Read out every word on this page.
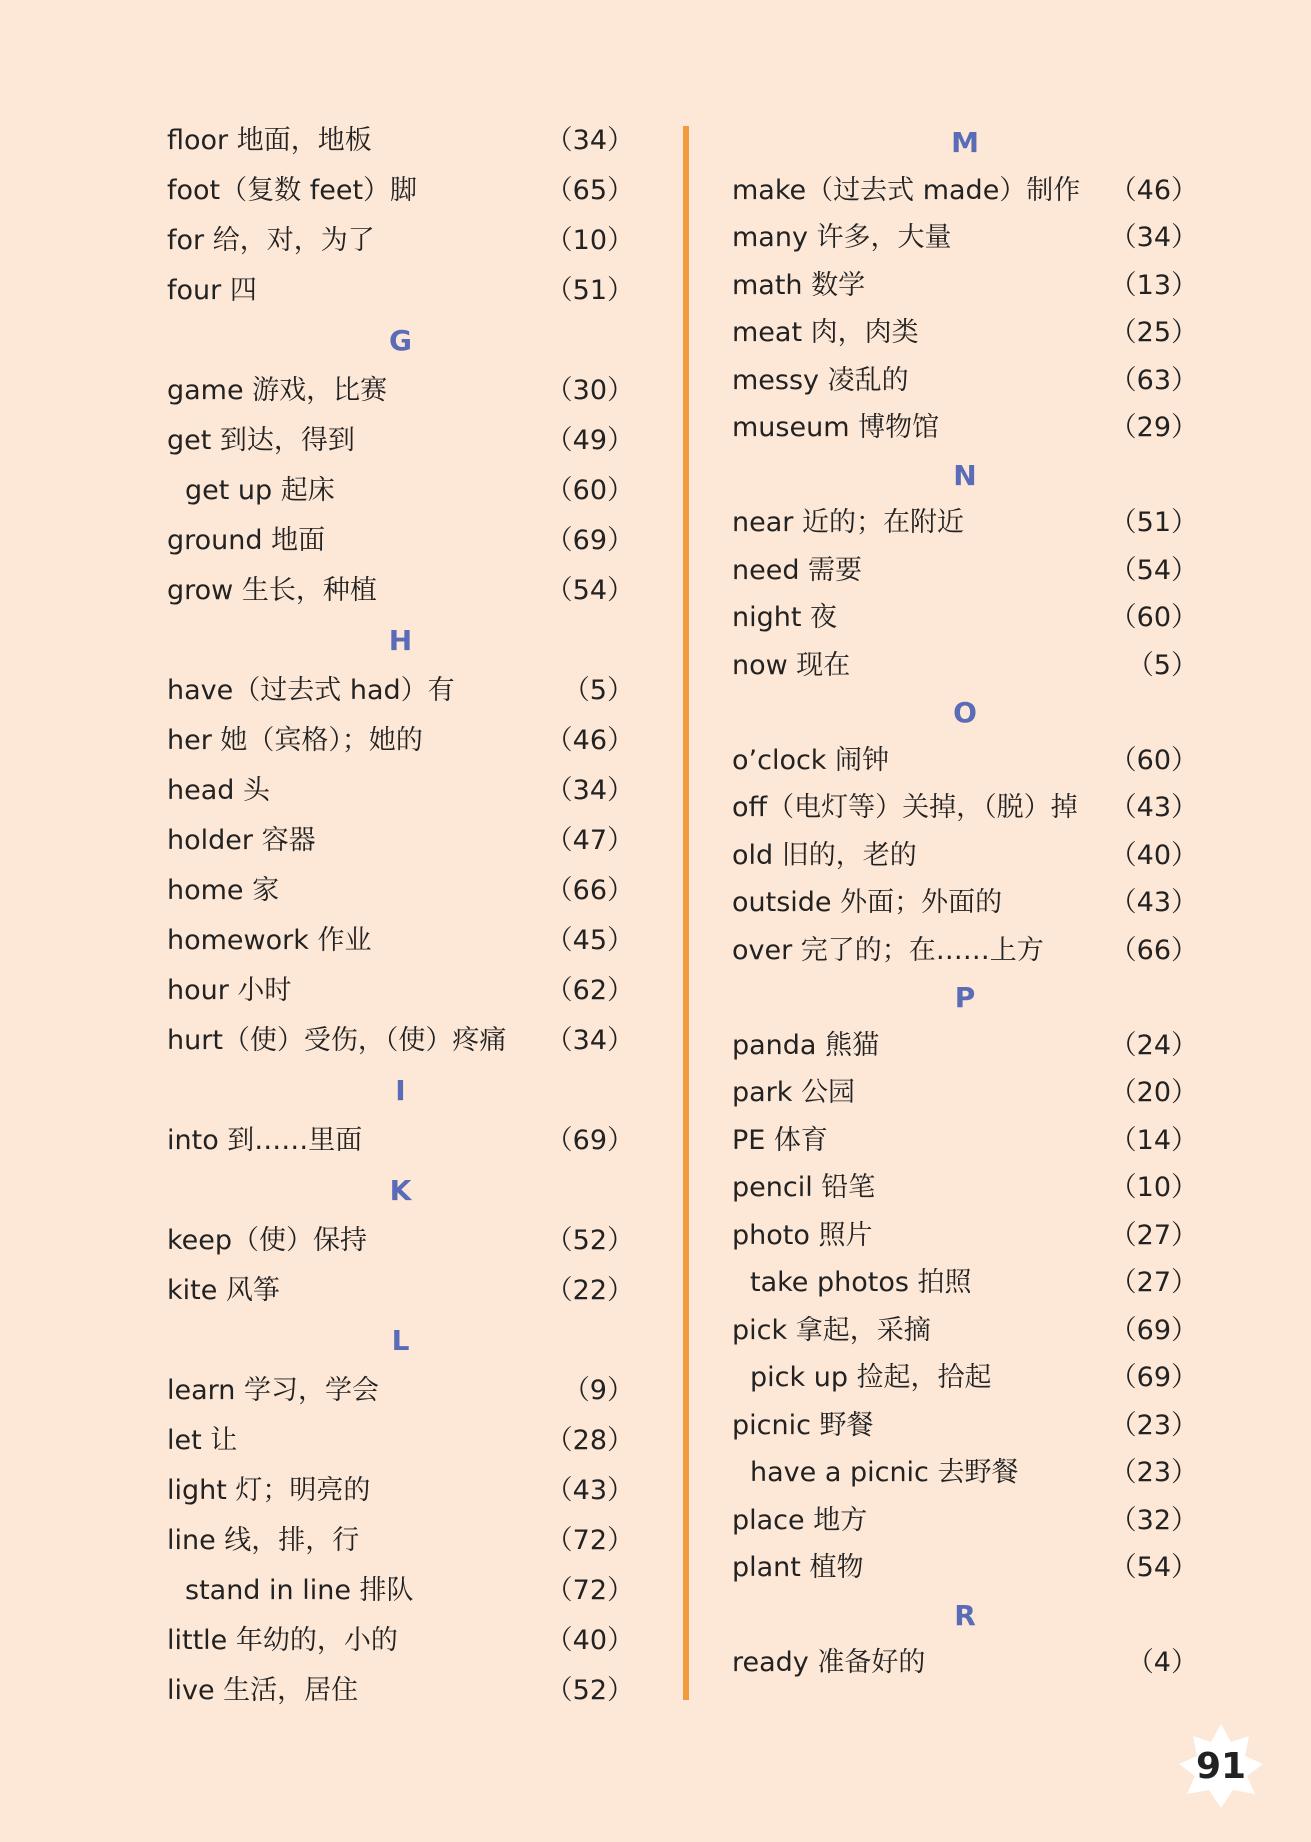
floor 地面，地板	（34）
foot（复数 feet）脚	（65）
for 给，对，为了	（10）
four 四	（51）
G
game 游戏，比赛	（30）
get 到达，得到	（49）
get up 起床	（60）
ground 地面	（69）
grow 生长，种植	（54）
H
have（过去式 had）有	（5）
her 她（宾格）；她的	（46）
head 头	（34）
holder 容器	（47）
home 家	（66）
homework 作业	（45）
hour 小时	（62）
hurt（使）受伤，（使）疼痛 （34）
I
into 到……里面	（69）
K
keep（使）保持	（52）
kite 风筝	（22）
L
learn 学习，学会	（9）
let 让	（28）
light 灯；明亮的	（43）
line 线，排，行	（72）
stand in line 排队	（72）
little 年幼的，小的	（40）
live 生活，居住	（52）
M
make（过去式 made）制作 （46）
many 许多，大量	（34）
math 数学	（13）
meat 肉，肉类	（25）
messy 凌乱的	（63）
museum 博物馆	（29）
N
near 近的；在附近	（51）
need 需要	（54）
night 夜	（60）
now 现在	（5）
O
o’clock 闹钟	（60）
off（电灯等）关掉，（脱）掉 （43）
old 旧的，老的	（40）
outside 外面；外面的	（43）
over 完了的；在……上方 （66）
P
panda 熊猫	（24）
park 公园	（20）
PE 体育	（14）
pencil 铅笔	（10）
photo 照片	（27）
take photos 拍照	（27）
pick 拿起，采摘	（69）
pick up 捡起，拾起	（69）
picnic 野餐	（23）
have a picnic 去野餐	（23）
place 地方	（32）
plant 植物	（54）
R
ready 准备好的	（4）
91
